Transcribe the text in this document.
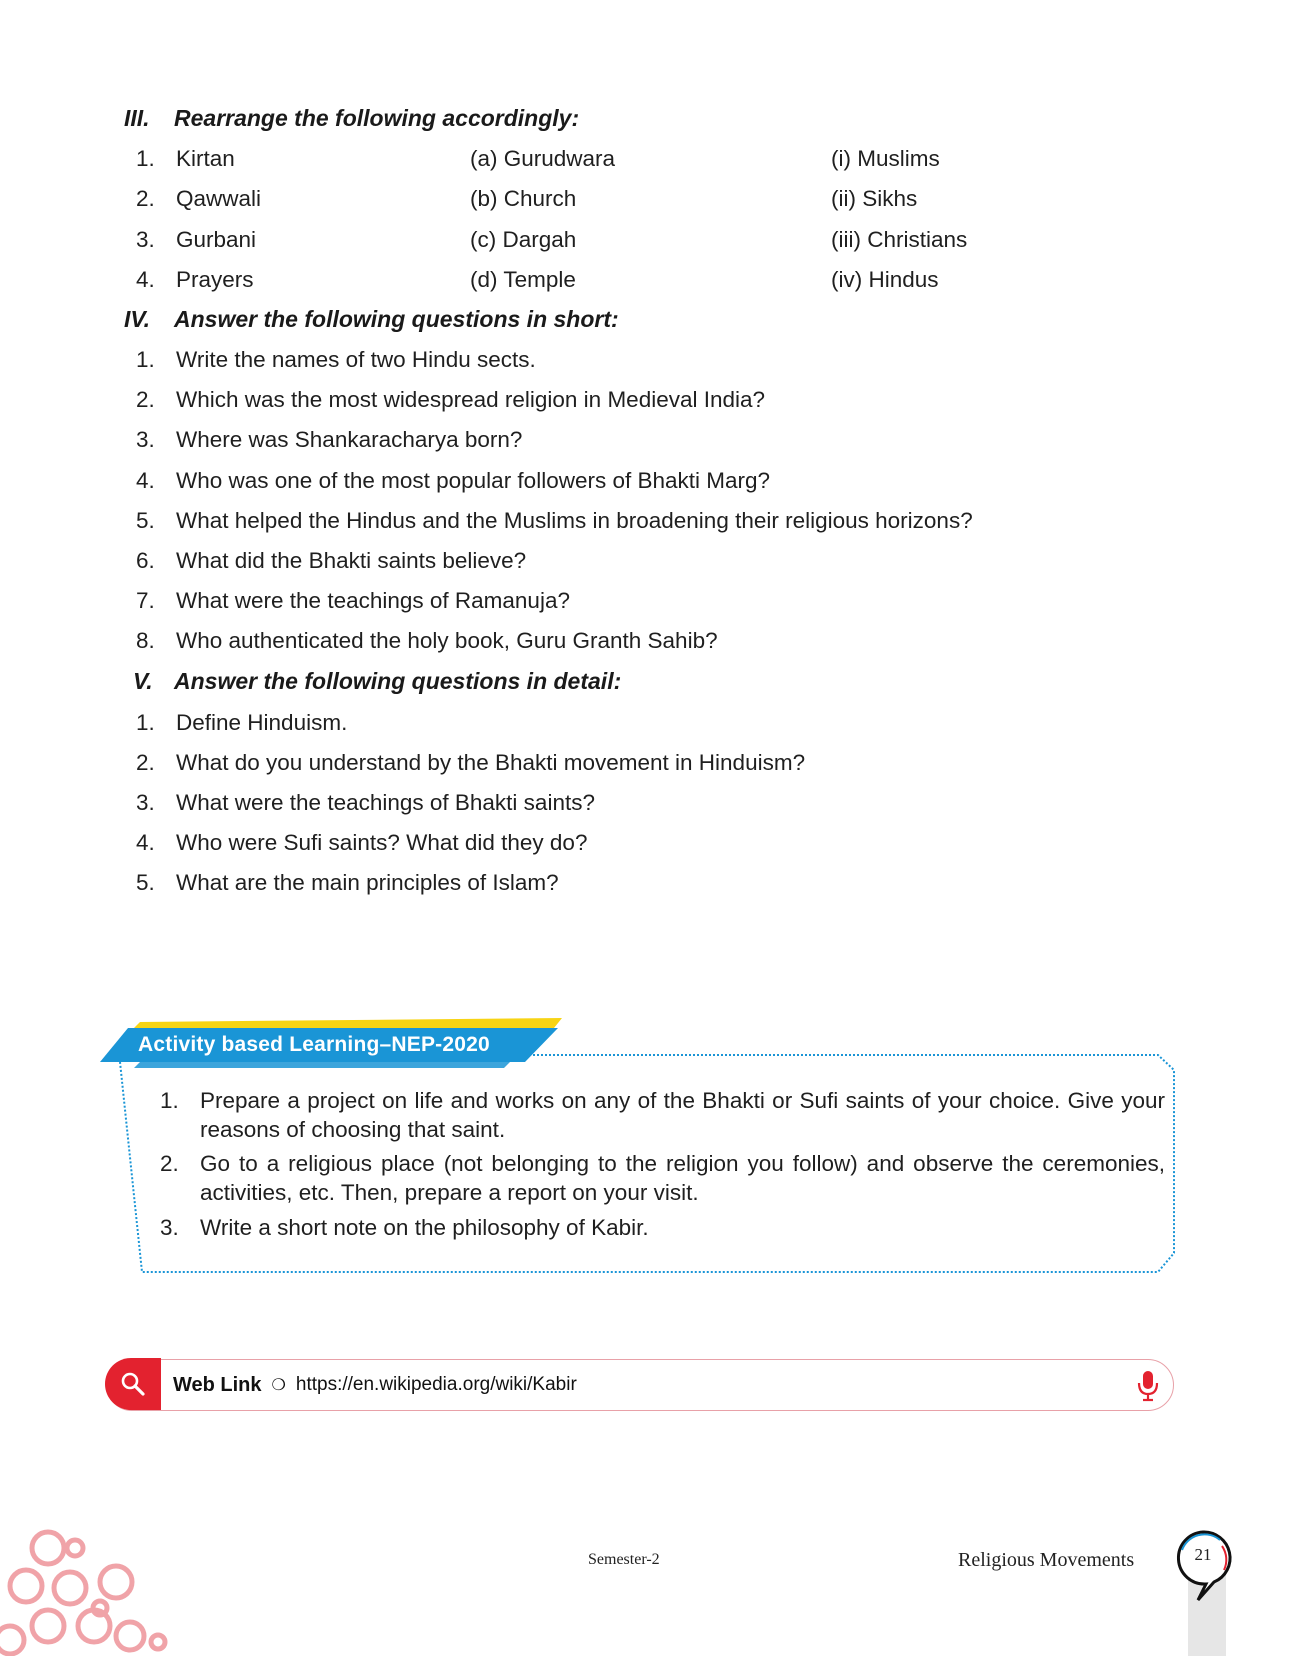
III.	Rearrange the following accordingly:
1. Kirtan	(a) Gurudwara	(i) Muslims
2. Qawwali	(b) Church	(ii) Sikhs
3. Gurbani	(c) Dargah	(iii) Christians
4. Prayers	(d) Temple	(iv) Hindus
IV.	Answer the following questions in short:
1. Write the names of two Hindu sects.
2. Which was the most widespread religion in Medieval India?
3. Where was Shankaracharya born?
4. Who was one of the most popular followers of Bhakti Marg?
5. What helped the Hindus and the Muslims in broadening their religious horizons?
6. What did the Bhakti saints believe?
7. What were the teachings of Ramanuja?
8. Who authenticated the holy book, Guru Granth Sahib?
V. Answer the following questions in detail:
1. Define Hinduism.
2. What do you understand by the Bhakti movement in Hinduism?
3. What were the teachings of Bhakti saints?
4. Who were Sufi saints? What did they do?
5. What are the main principles of Islam?
Activity based Learning–NEP-2020
1. Prepare a project on life and works on any of the Bhakti or Sufi saints of your choice. Give your reasons of choosing that saint.
2. Go to a religious place (not belonging to the religion you follow) and observe the ceremonies, activities, etc. Then, prepare a report on your visit.
3. Write a short note on the philosophy of Kabir.
Web Link ❍ https://en.wikipedia.org/wiki/Kabir
Semester-2	Religious Movements	21
